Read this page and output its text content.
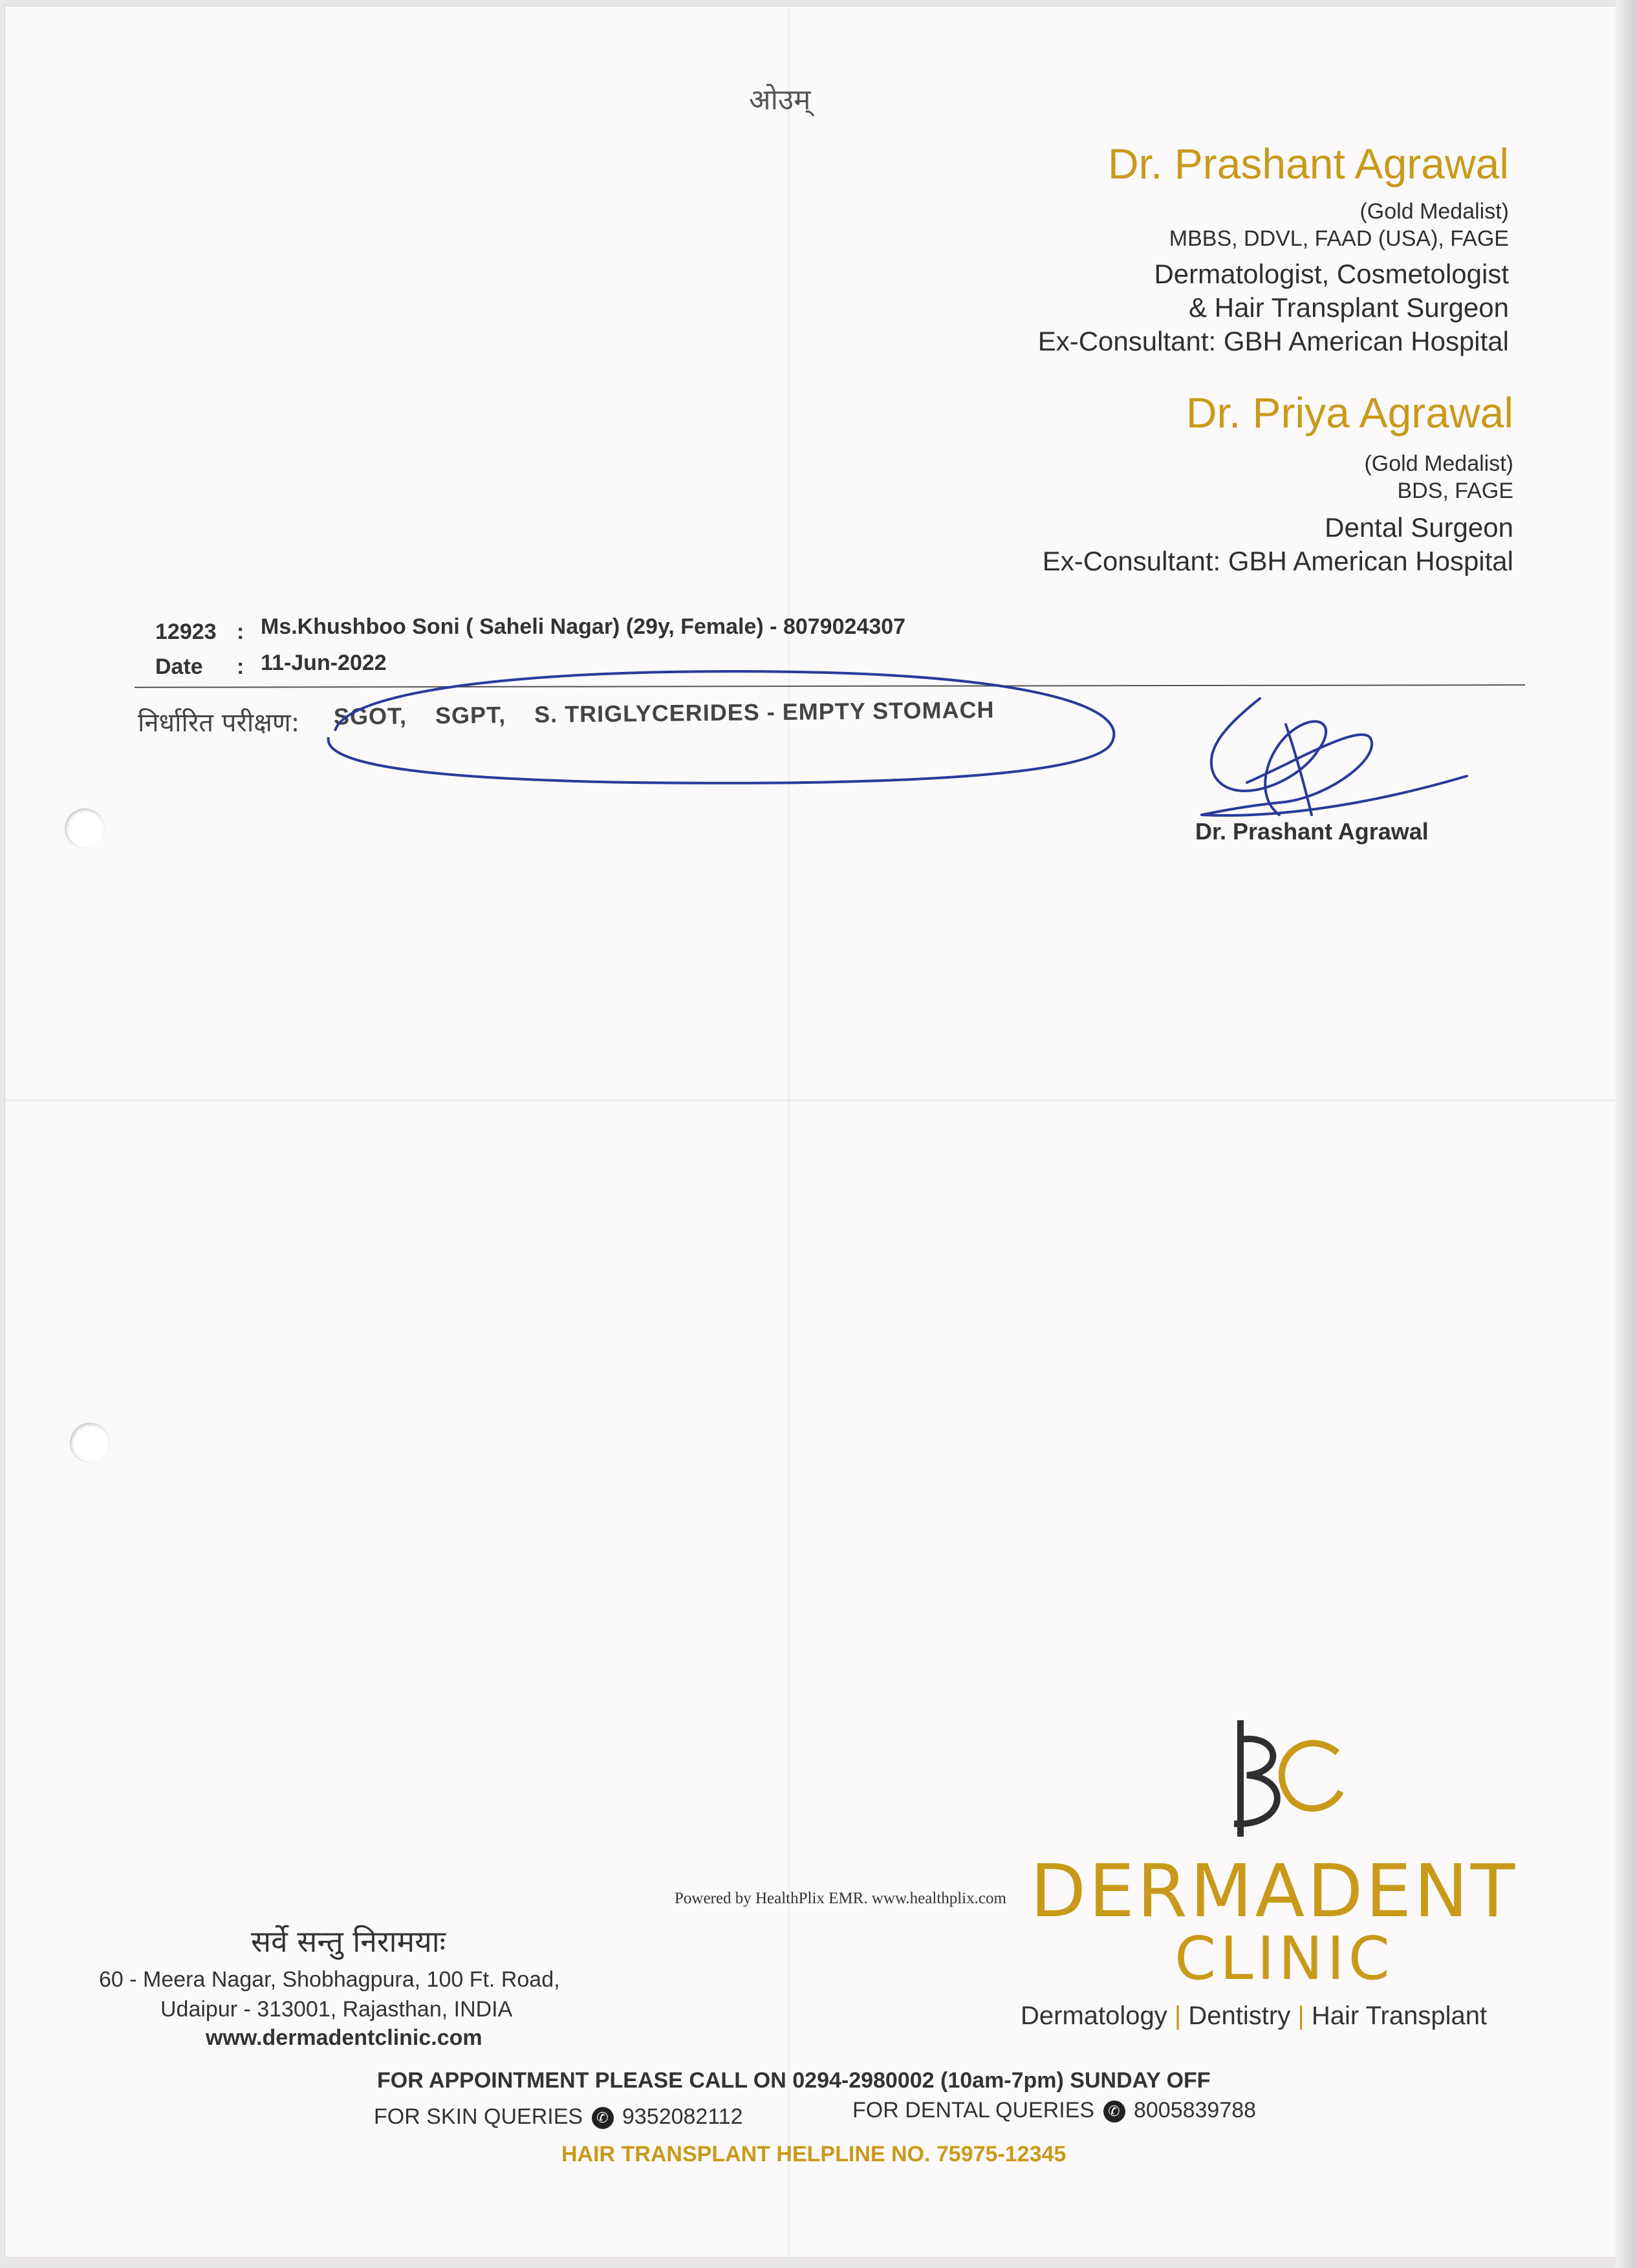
ओउम्
Dr. Prashant Agrawal
(Gold Medalist)
MBBS, DDVL, FAAD (USA), FAGE
Dermatologist, Cosmetologist
& Hair Transplant Surgeon
Ex-Consultant: GBH American Hospital
Dr. Priya Agrawal
(Gold Medalist)
BDS, FAGE
Dental Surgeon
Ex-Consultant: GBH American Hospital
12923 : Ms.Khushboo Soni ( Saheli Nagar) (29y, Female) - 8079024307
Date : 11-Jun-2022
निर्धारित परीक्षण: SGOT,    SGPT,    S. TRIGLYCERIDES - EMPTY STOMACH
Dr. Prashant Agrawal
Powered by HealthPlix EMR. www.healthplix.com DERMADENT
CLINIC
Dermatology | Dentistry | Hair Transplant
सर्वे सन्तु निरामयाः
60 - Meera Nagar, Shobhagpura, 100 Ft. Road,
Udaipur - 313001, Rajasthan, INDIA
www.dermadentclinic.com
FOR APPOINTMENT PLEASE CALL ON 0294-2980002 (10am-7pm) SUNDAY OFF
FOR SKIN QUERIES ✆ 9352082112	FOR DENTAL QUERIES ✆ 8005839788
HAIR TRANSPLANT HELPLINE NO. 75975-12345
